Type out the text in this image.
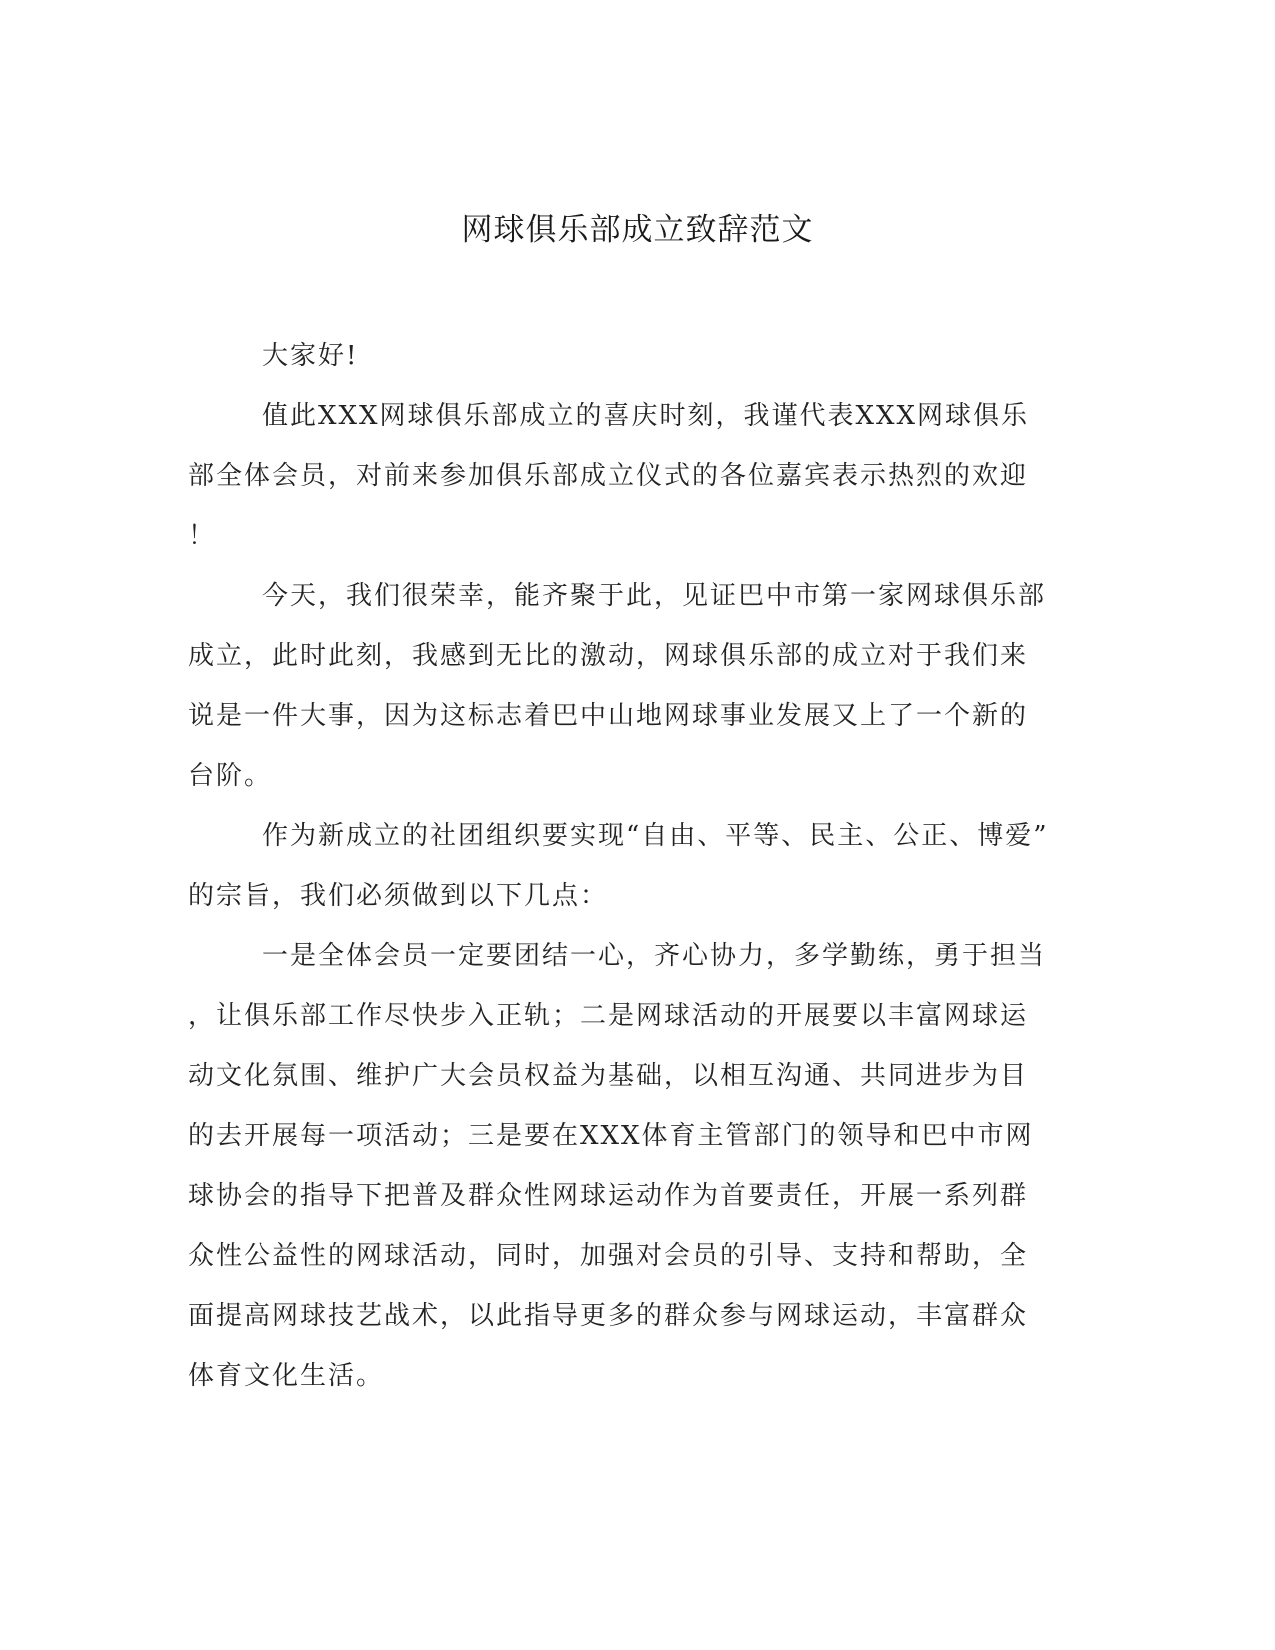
网球俱乐部成立致辞范文
大家好!
值此XXX网球俱乐部成立的喜庆时刻，我谨代表XXX网球俱乐
部全体会员，对前来参加俱乐部成立仪式的各位嘉宾表示热烈的欢迎
！
今天，我们很荣幸，能齐聚于此，见证巴中市第一家网球俱乐部
成立，此时此刻，我感到无比的激动，网球俱乐部的成立对于我们来
说是一件大事，因为这标志着巴中山地网球事业发展又上了一个新的
台阶。
作为新成立的社团组织要实现“自由、平等、民主、公正、博爱”
的宗旨，我们必须做到以下几点：
一是全体会员一定要团结一心，齐心协力，多学勤练，勇于担当
，让俱乐部工作尽快步入正轨；二是网球活动的开展要以丰富网球运
动文化氛围、维护广大会员权益为基础，以相互沟通、共同进步为目
的去开展每一项活动；三是要在XXX体育主管部门的领导和巴中市网
球协会的指导下把普及群众性网球运动作为首要责任，开展一系列群
众性公益性的网球活动，同时，加强对会员的引导、支持和帮助，全
面提高网球技艺战术，以此指导更多的群众参与网球运动，丰富群众
体育文化生活。
